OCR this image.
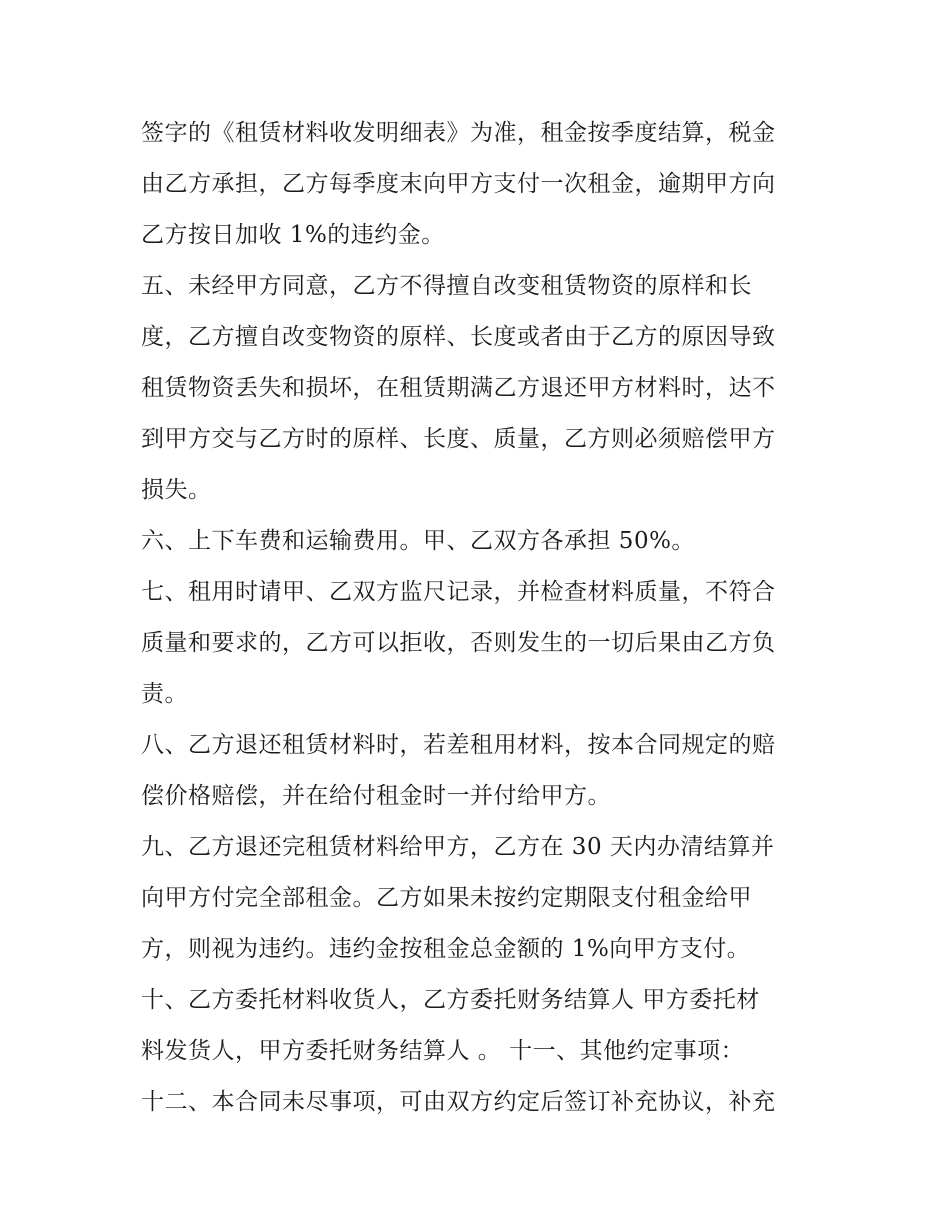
签字的《租赁材料收发明细表》为准，租金按季度结算，税金
由乙方承担，乙方每季度末向甲方支付一次租金，逾期甲方向
乙方按日加收 1%的违约金。
五、未经甲方同意，乙方不得擅自改变租赁物资的原样和长
度，乙方擅自改变物资的原样、长度或者由于乙方的原因导致
租赁物资丢失和损坏，在租赁期满乙方退还甲方材料时，达不
到甲方交与乙方时的原样、长度、质量，乙方则必须赔偿甲方
损失。
六、上下车费和运输费用。甲、乙双方各承担 50%。
七、租用时请甲、乙双方监尺记录，并检查材料质量，不符合
质量和要求的，乙方可以拒收，否则发生的一切后果由乙方负
责。
八、乙方退还租赁材料时，若差租用材料，按本合同规定的赔
偿价格赔偿，并在给付租金时一并付给甲方。
九、乙方退还完租赁材料给甲方，乙方在 30 天内办清结算并
向甲方付完全部租金。乙方如果未按约定期限支付租金给甲
方，则视为违约。违约金按租金总金额的 1%向甲方支付。
十、乙方委托材料收货人，乙方委托财务结算人 甲方委托材
料发货人，甲方委托财务结算人 。 十一、其他约定事项：
十二、本合同未尽事项，可由双方约定后签订补充协议，补充
